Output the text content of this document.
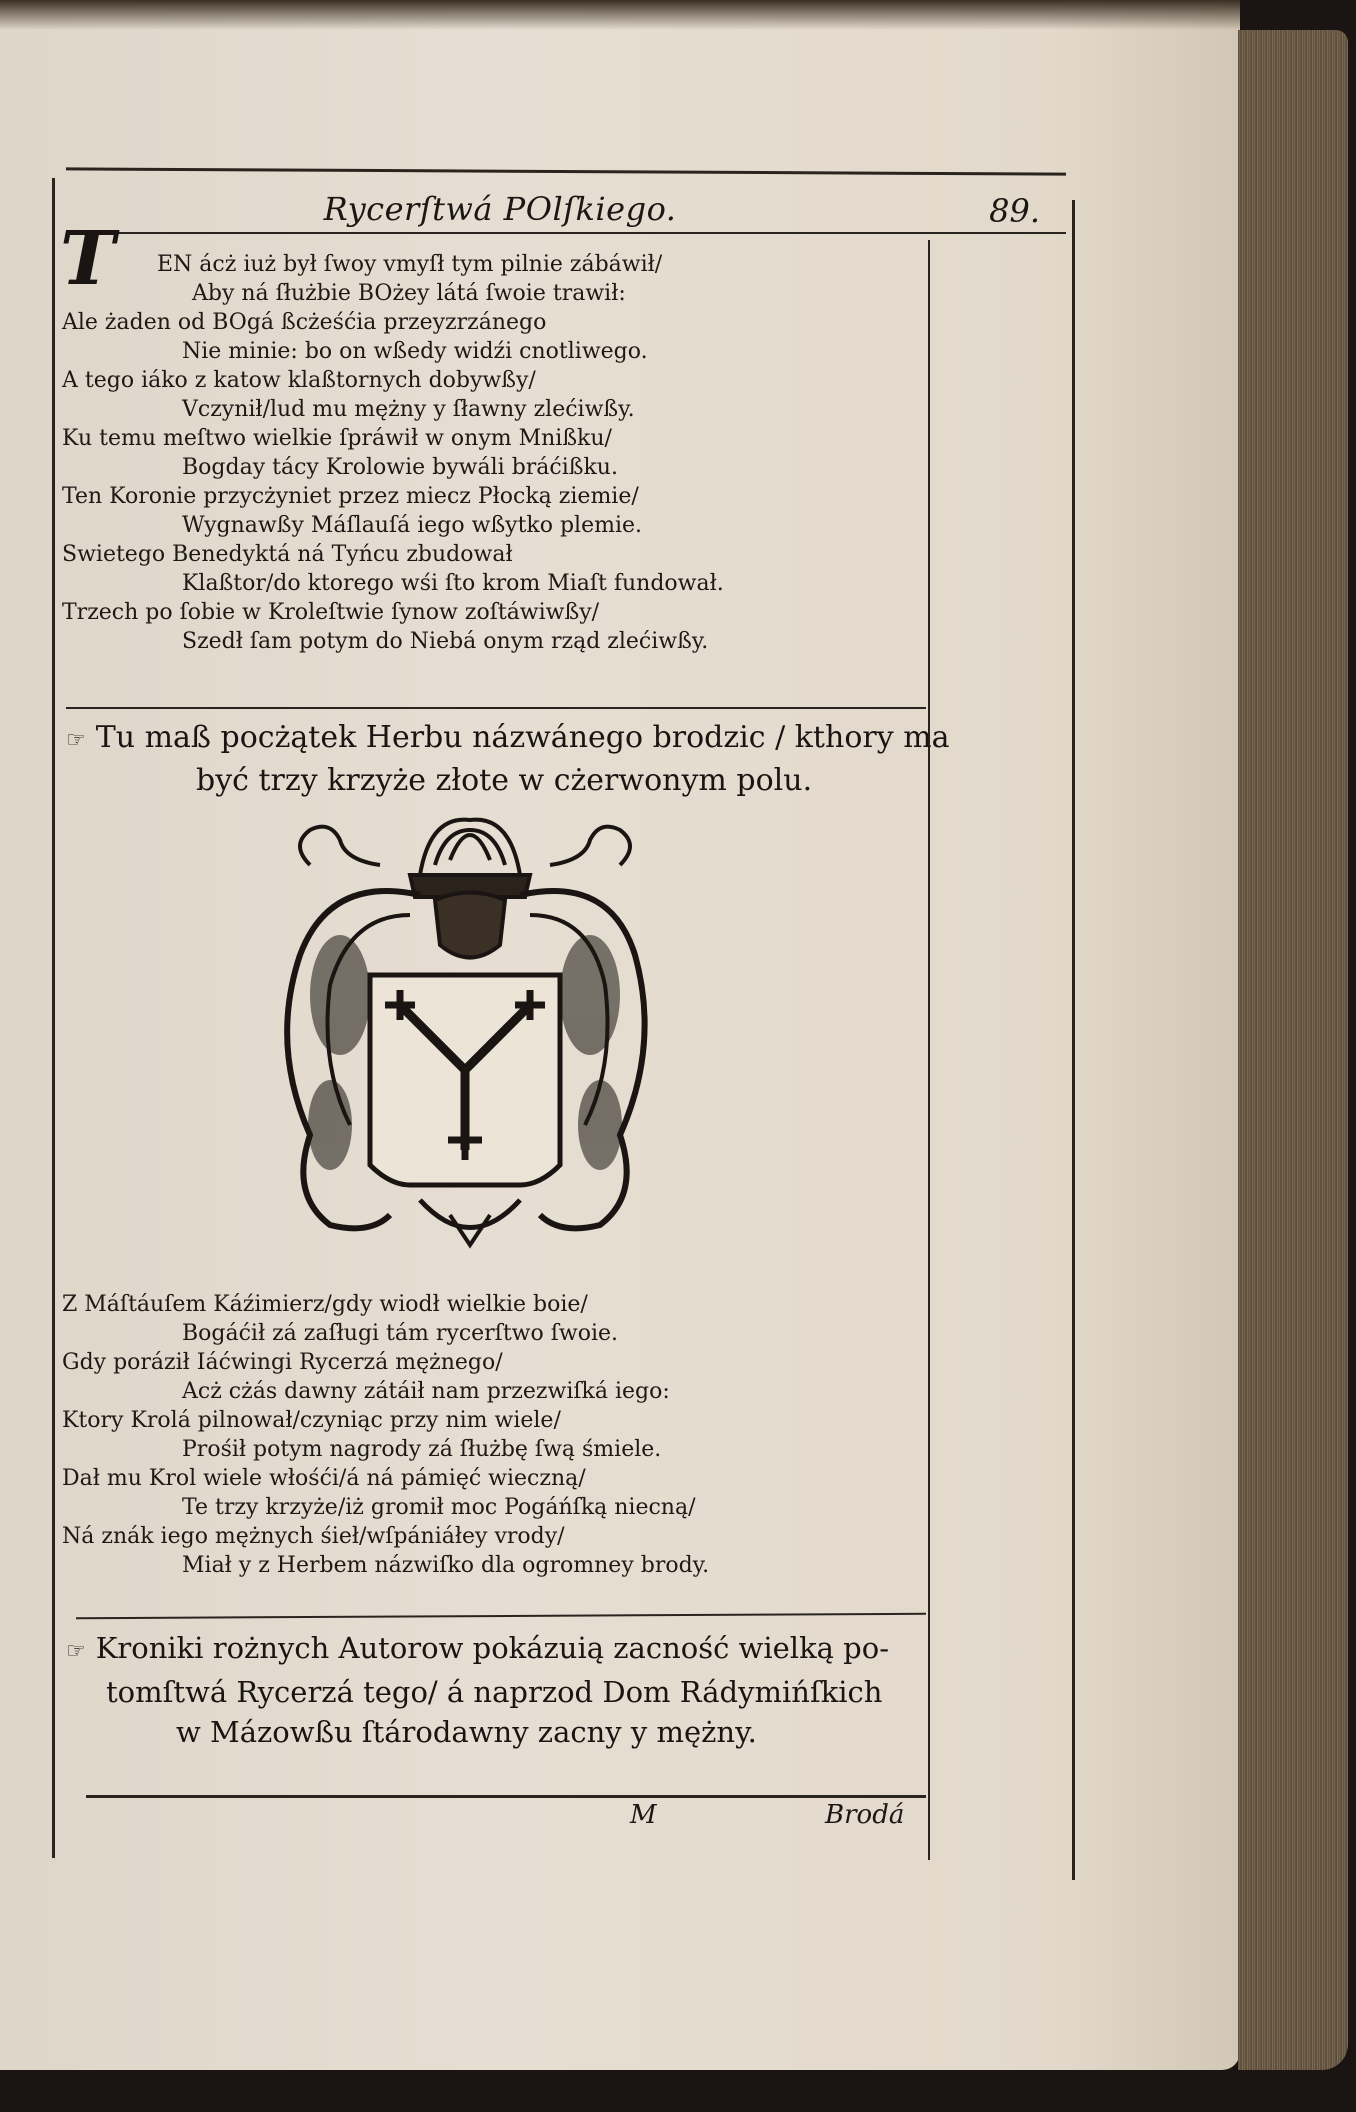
Rycerſtwá POlſkiego.	89.
T	EN ácż iuż był ſwoy vmyſł tym pilnie zábáwił/
Aby ná ſłużbie BOżey látá ſwoie trawił:
Ale żaden od BOgá ßcżeśćia przeyzrzánego
Nie minie: bo on wßedy widźi cnotliwego.
A tego iáko z katow klaßtornych dobywßy/
Vczynił/lud mu mężny y ſławny zlećiwßy.
Ku temu meſtwo wielkie ſpráwił w onym Mnißku/
Bogday tácy Krolowie bywáli bráćißku.
Ten Koronie przycżyniet przez miecz Płocką ziemie/
Wygnawßy Máſlauſá iego wßytko plemie.
Swietego Benedyktá ná Tyńcu zbudował
Klaßtor/do ktorego wśi ſto krom Miaſt fundował.
Trzech po ſobie w Kroleſtwie ſynow zoſtáwiwßy/
Szedł ſam potym do Niebá onym rząd zlećiwßy.
☞ Tu maß pocżątek Herbu názwánego brodzic / kthory ma
być trzy krzyże złote w cżerwonym polu.
Z Máſtáuſem Káźimierz/gdy wiodł wielkie boie/
Bogáćił zá zaſługi tám rycerſtwo ſwoie.
Gdy poráził Iáćwingi Rycerzá mężnego/
Acż cżás dawny zátáił nam przezwiſká iego:
Ktory Krolá pilnował/czyniąc przy nim wiele/
Prośił potym nagrody zá ſłużbę ſwą śmiele.
Dał mu Krol wiele włośći/á ná pámięć wieczną/
Te trzy krzyże/iż gromił moc Pogáńſką niecną/
Ná znák iego mężnych śieł/wſpániáłey vrody/
Miał y z Herbem názwiſko dla ogromney brody.
☞ Kroniki rożnych Autorow pokázuią zacność wielką po-
tomſtwá Rycerzá tego/ á naprzod Dom Rádymińſkich
w Mázowßu ſtárodawny zacny y mężny.
M	Brodá
